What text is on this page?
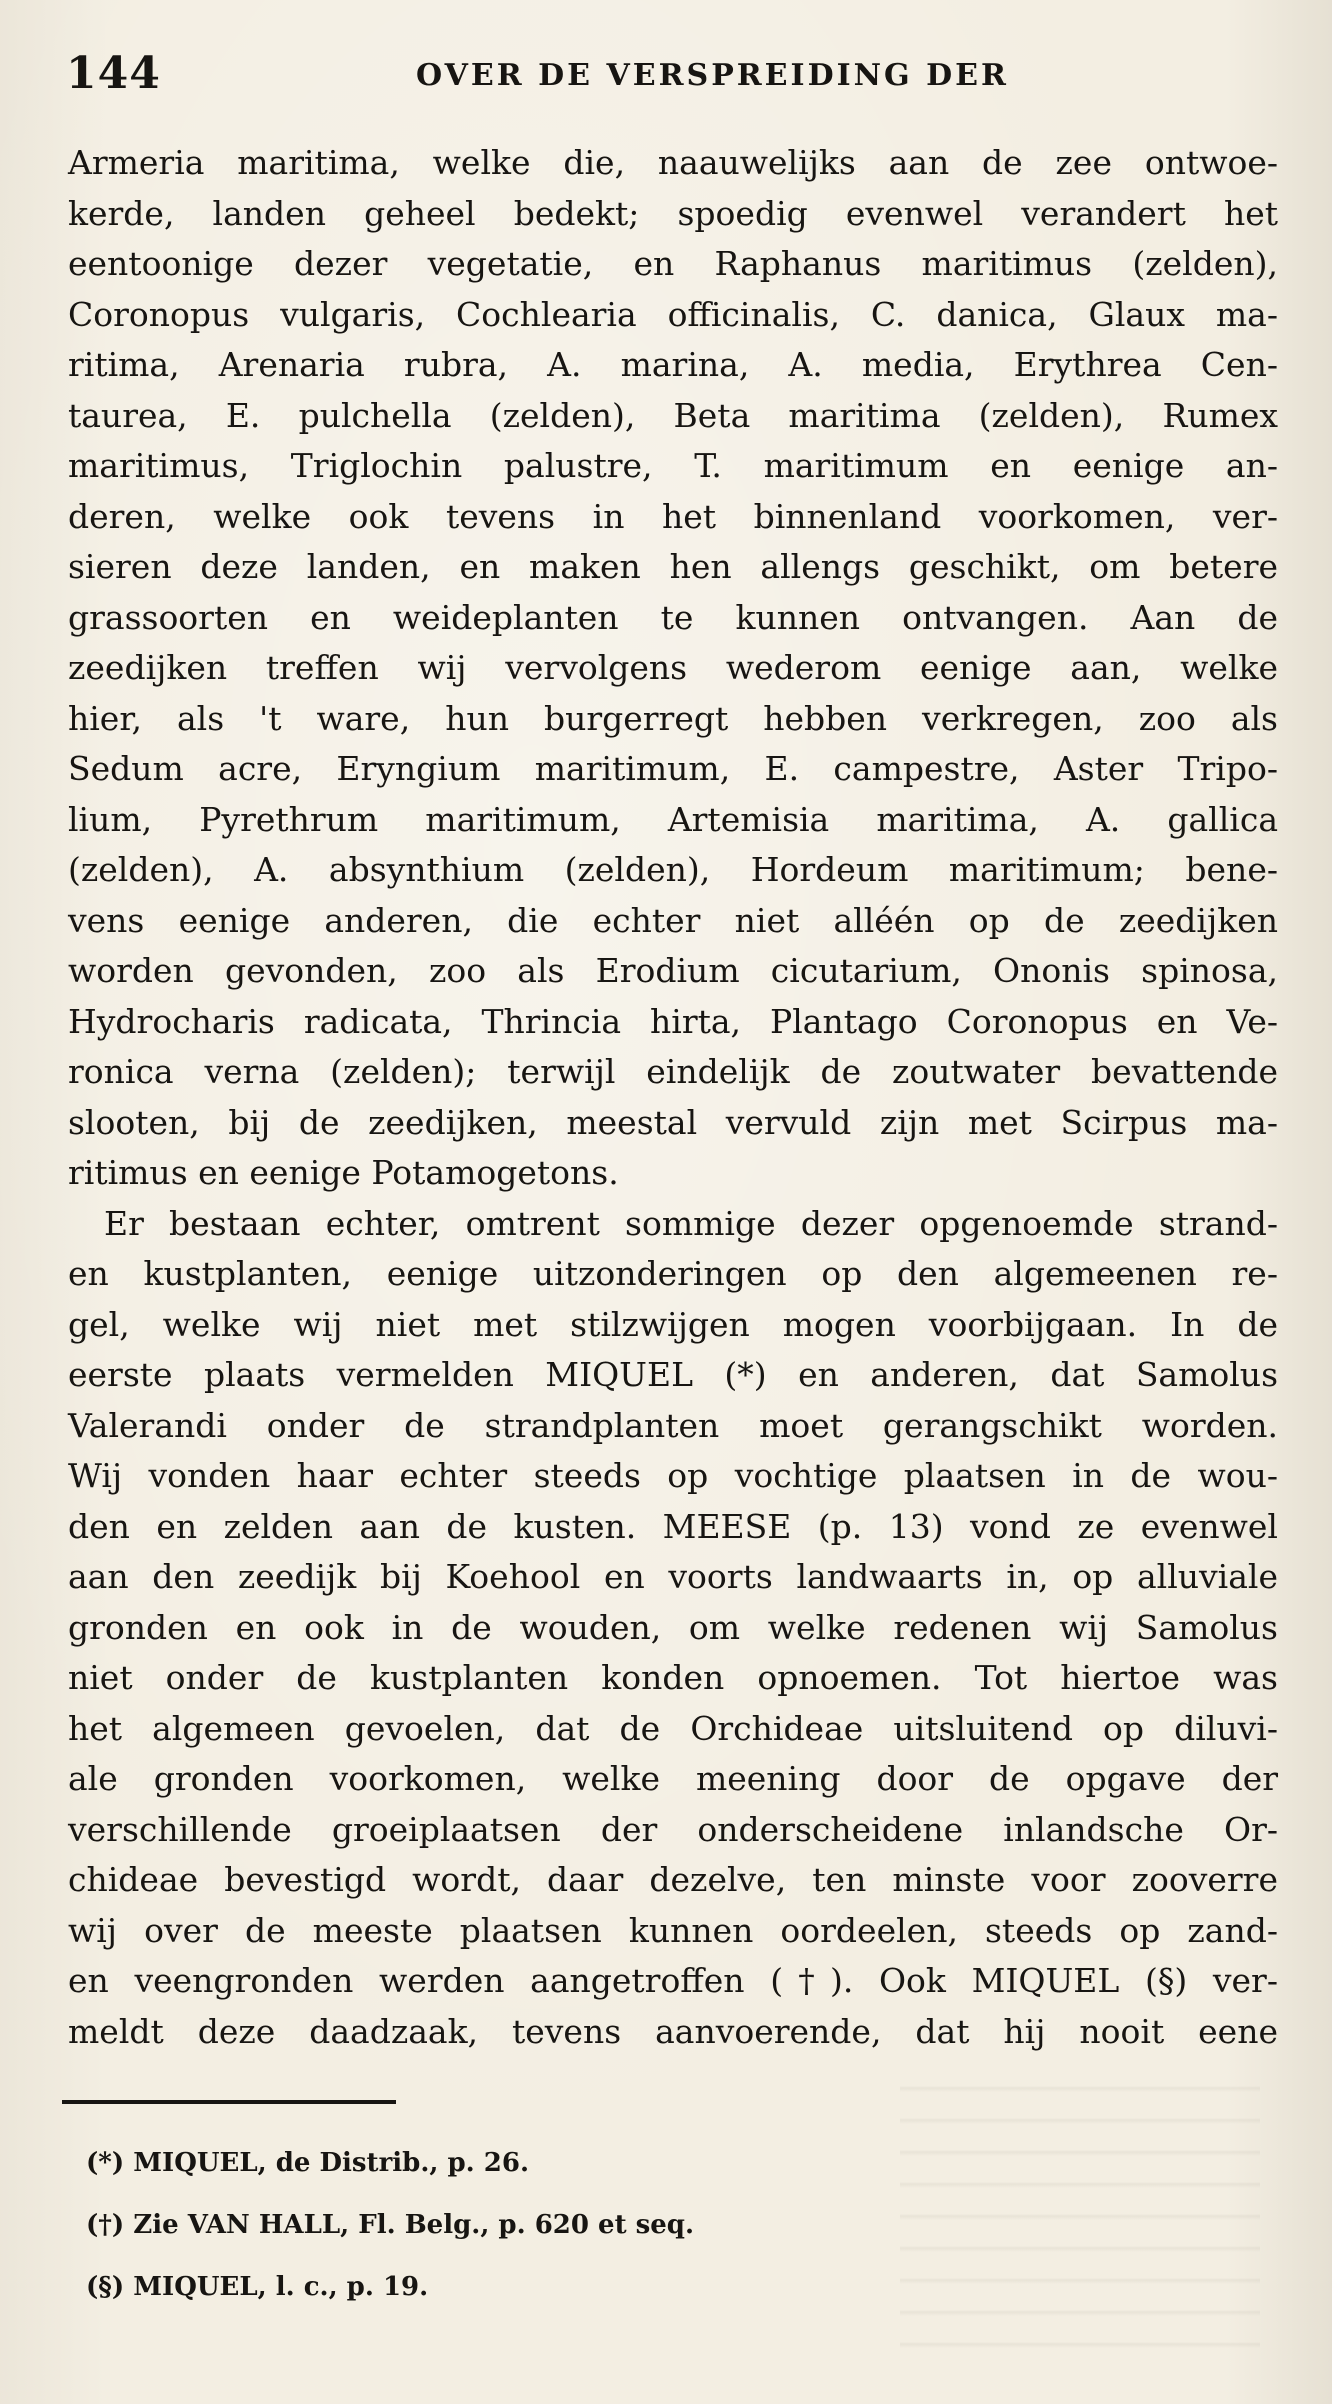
144	OVER DE VERSPREIDING DER
Armeria maritima, welke die, naauwelijks aan de zee ontwoe-
kerde, landen geheel bedekt; spoedig evenwel verandert het
eentoonige dezer vegetatie, en Raphanus maritimus (zelden),
Coronopus vulgaris, Cochlearia officinalis, C. danica, Glaux ma-
ritima, Arenaria rubra, A. marina, A. media, Erythrea Cen-
taurea, E. pulchella (zelden), Beta maritima (zelden), Rumex
maritimus, Triglochin palustre, T. maritimum en eenige an-
deren, welke ook tevens in het binnenland voorkomen, ver-
sieren deze landen, en maken hen allengs geschikt, om betere
grassoorten en weideplanten te kunnen ontvangen. Aan de
zeedijken treffen wij vervolgens wederom eenige aan, welke
hier, als 't ware, hun burgerregt hebben verkregen, zoo als
Sedum acre, Eryngium maritimum, E. campestre, Aster Tripo-
lium, Pyrethrum maritimum, Artemisia maritima, A. gallica
(zelden), A. absynthium (zelden), Hordeum maritimum; bene-
vens eenige anderen, die echter niet alléén op de zeedijken
worden gevonden, zoo als Erodium cicutarium, Ononis spinosa,
Hydrocharis radicata, Thrincia hirta, Plantago Coronopus en Ve-
ronica verna (zelden); terwijl eindelijk de zoutwater bevattende
slooten, bij de zeedijken, meestal vervuld zijn met Scirpus ma-
ritimus en eenige Potamogetons.
Er bestaan echter, omtrent sommige dezer opgenoemde strand-
en kustplanten, eenige uitzonderingen op den algemeenen re-
gel, welke wij niet met stilzwijgen mogen voorbijgaan. In de
eerste plaats vermelden MIQUEL (*) en anderen, dat Samolus
Valerandi onder de strandplanten moet gerangschikt worden.
Wij vonden haar echter steeds op vochtige plaatsen in de wou-
den en zelden aan de kusten. MEESE (p. 13) vond ze evenwel
aan den zeedijk bij Koehool en voorts landwaarts in, op alluviale
gronden en ook in de wouden, om welke redenen wij Samolus
niet onder de kustplanten konden opnoemen. Tot hiertoe was
het algemeen gevoelen, dat de Orchideae uitsluitend op diluvi-
ale gronden voorkomen, welke meening door de opgave der
verschillende groeiplaatsen der onderscheidene inlandsche Or-
chideae bevestigd wordt, daar dezelve, ten minste voor zooverre
wij over de meeste plaatsen kunnen oordeelen, steeds op zand-
en veengronden werden aangetroffen (†). Ook MIQUEL (§) ver-
meldt deze daadzaak, tevens aanvoerende, dat hij nooit eene
(*) MIQUEL, de Distrib., p. 26.
(†) Zie VAN HALL, Fl. Belg., p. 620 et seq.
(§) MIQUEL, l. c., p. 19.
